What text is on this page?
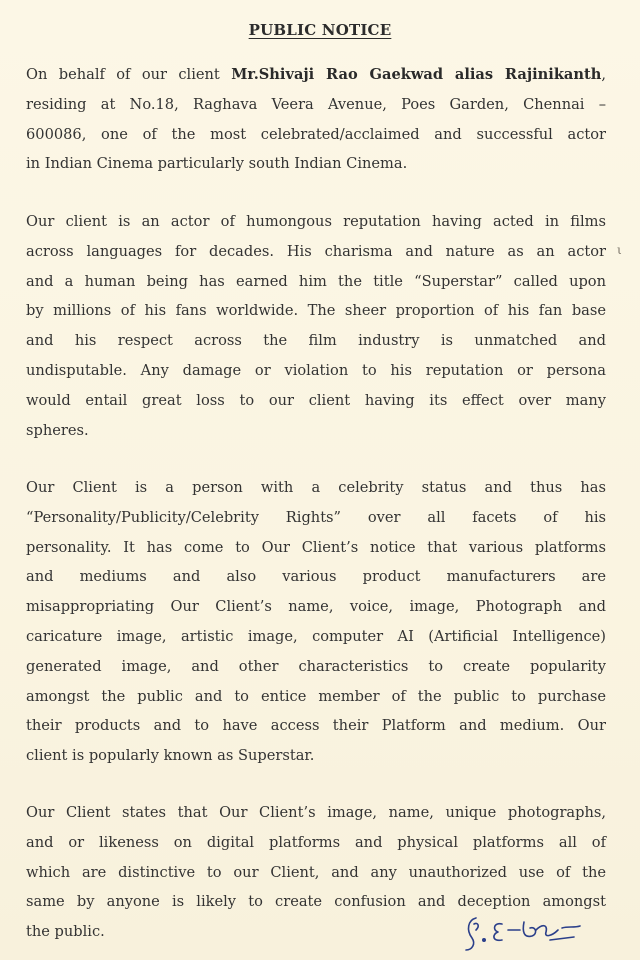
PUBLIC NOTICE
On behalf of our client Mr.Shivaji Rao Gaekwad alias Rajinikanth,
residing at No.18, Raghava Veera Avenue, Poes Garden, Chennai –
600086, one of the most celebrated/acclaimed and successful actor
in Indian Cinema particularly south Indian Cinema.
Our client is an actor of humongous reputation having acted in films
across languages for decades. His charisma and nature as an actor
and a human being has earned him the title “Superstar” called upon
by millions of his fans worldwide. The sheer proportion of his fan base
and his respect across the film industry is unmatched and
undisputable. Any damage or violation to his reputation or persona
would entail great loss to our client having its effect over many
spheres.
ι
Our Client is a person with a celebrity status and thus has
“Personality/Publicity/Celebrity Rights” over all facets of his
personality. It has come to Our Client’s notice that various platforms
and mediums and also various product manufacturers are
misappropriating Our Client’s name, voice, image, Photograph and
caricature image, artistic image, computer AI (Artificial Intelligence)
generated image, and other characteristics to create popularity
amongst the public and to entice member of the public to purchase
their products and to have access their Platform and medium. Our
client is popularly known as Superstar.
Our Client states that Our Client’s image, name, unique photographs,
and or likeness on digital platforms and physical platforms all of
which are distinctive to our Client, and any unauthorized use of the
same by anyone is likely to create confusion and deception amongst
the public.
